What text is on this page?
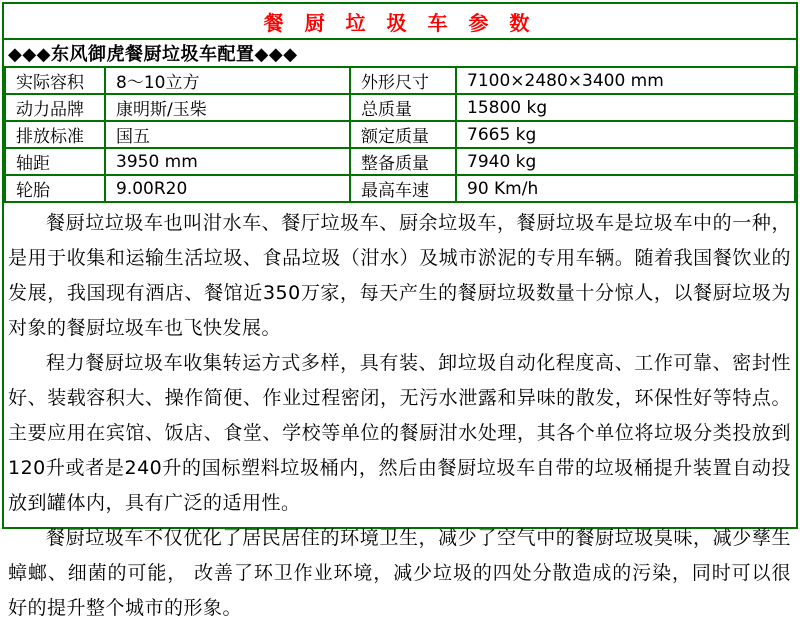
餐 厨 垃 圾 车 参 数
◆◆◆东风御虎餐厨垃圾车配置◆◆◆
实际容积	8～10立方	外形尺寸	7100×2480×3400 mm
动力品牌	康明斯/玉柴	总质量	15800 kg
排放标准	国五	额定质量	7665 kg
轴距	3950 mm	整备质量	7940 kg
轮胎	9.00R20	最高车速	90 Km/h

餐厨垃垃圾车也叫泔水车、餐厅垃圾车、厨余垃圾车，餐厨垃圾车是垃圾车中的一种，是用于收集和运输生活垃圾、食品垃圾（泔水）及城市淤泥的专用车辆。随着我国餐饮业的发展，我国现有酒店、餐馆近350万家，每天产生的餐厨垃圾数量十分惊人，以餐厨垃圾为对象的餐厨垃圾车也飞快发展。

程力餐厨垃圾车收集转运方式多样，具有装、卸垃圾自动化程度高、工作可靠、密封性好、装载容积大、操作简便、作业过程密闭，无污水泄露和异味的散发，环保性好等特点。主要应用在宾馆、饭店、食堂、学校等单位的餐厨泔水处理，其各个单位将垃圾分类投放到120升或者是240升的国标塑料垃圾桶内，然后由餐厨垃圾车自带的垃圾桶提升装置自动投放到罐体内，具有广泛的适用性。

餐厨垃圾车不仅优化了居民居住的环境卫生，减少了空气中的餐厨垃圾臭味，减少孳生蟑螂、细菌的可能， 改善了环卫作业环境，减少垃圾的四处分散造成的污染，同时可以很好的提升整个城市的形象。
